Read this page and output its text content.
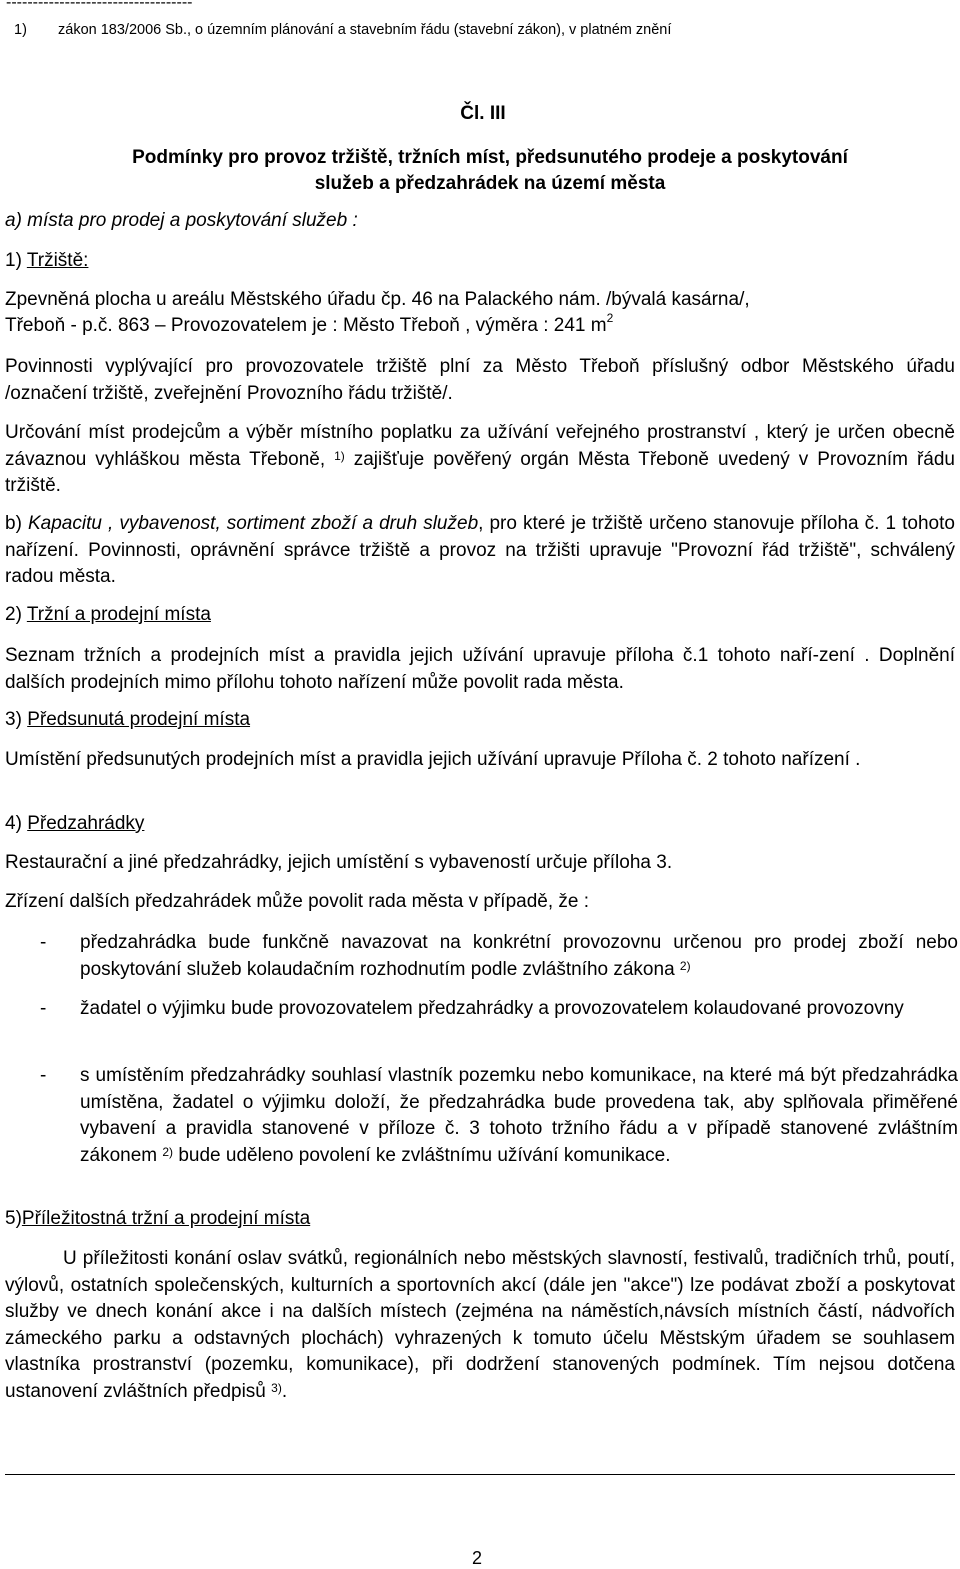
-----------------------------------
1) zákon 183/2006 Sb., o územním plánování a stavebním řádu (stavební zákon), v platném znění
Čl. III
Podmínky pro provoz tržiště, tržních míst, předsunutého prodeje a poskytování
služeb a předzahrádek na území města
a) místa pro prodej a poskytování služeb :
1) Tržiště:
Zpevněná plocha u areálu Městského úřadu čp. 46 na Palackého nám. /bývalá kasárna/,
Třeboň - p.č. 863 – Provozovatelem je : Město Třeboň , výměra : 241 $m^2$
Povinnosti vyplývající pro provozovatele tržiště plní za Město Třeboň příslušný odbor Městského úřadu /označení tržiště, zveřejnění Provozního řádu tržiště/.
Určování míst prodejcům a výběr místního poplatku za užívání veřejného prostranství , který je určen obecně závaznou vyhláškou města Třeboně, $^{1)}$ zajišťuje pověřený orgán Města Třeboně uvedený v Provozním řádu tržiště.
b) Kapacitu , vybavenost, sortiment zboží a druh služeb, pro které je tržiště určeno stanovuje příloha č. 1 tohoto nařízení. Povinnosti, oprávnění správce tržiště a provoz na tržišti upravuje "Provozní řád tržiště", schválený radou města.
2) Tržní a prodejní místa
Seznam tržních a prodejních míst a pravidla jejich užívání upravuje příloha č.1 tohoto naří-zení . Doplnění dalších prodejních mimo přílohu tohoto nařízení může povolit rada města.
3) Předsunutá prodejní místa
Umístění předsunutých prodejních míst a pravidla jejich užívání upravuje Příloha č. 2 tohoto nařízení .
4) Předzahrádky
Restaurační a jiné předzahrádky, jejich umístění s vybaveností určuje příloha 3.
Zřízení dalších předzahrádek může povolit rada města v případě, že :
- předzahrádka bude funkčně navazovat na konkrétní provozovnu určenou pro prodej zboží nebo poskytování služeb kolaudačním rozhodnutím podle zvláštního zákona $^{2)}$
- žadatel o výjimku bude provozovatelem předzahrádky a provozovatelem kolaudované provozovny
- s umístěním předzahrádky souhlasí vlastník pozemku nebo komunikace, na které má být předzahrádka umístěna, žadatel o výjimku doloží, že předzahrádka bude provedena tak, aby splňovala přiměřené vybavení a pravidla stanovené v příloze č. 3 tohoto tržního řádu a v případě stanovené zvláštním zákonem $^{2)}$ bude uděleno povolení ke zvláštnímu užívání komunikace.
5)Příležitostná tržní a prodejní místa
U příležitosti konání oslav svátků, regionálních nebo městských slavností, festivalů, tradičních trhů, poutí, výlovů, ostatních společenských, kulturních a sportovních akcí (dále jen "akce") lze podávat zboží a poskytovat služby ve dnech konání akce i na dalších místech (zejména na náměstích,návsích místních částí, nádvořích zámeckého parku a odstavných plochách) vyhrazených k tomuto účelu Městským úřadem se souhlasem vlastníka prostranství (pozemku, komunikace), při dodržení stanovených podmínek. Tím nejsou dotčena ustanovení zvláštních předpisů $^{3)}$.
2
